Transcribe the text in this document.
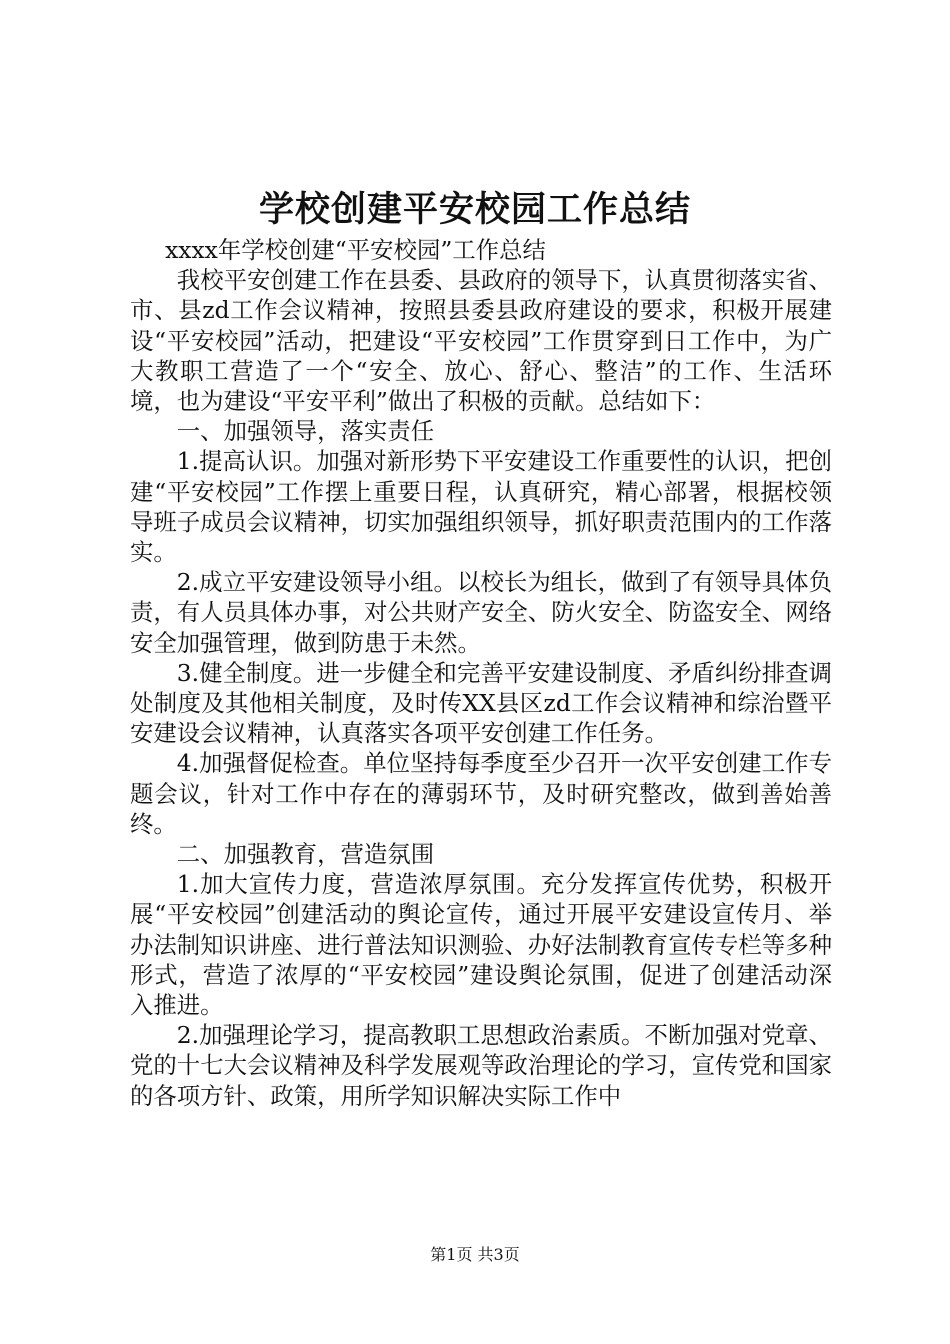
学校创建平安校园工作总结

xxxx年学校创建“平安校园”工作总结

我校平安创建工作在县委、县政府的领导下，认真贯彻落实省、市、县zd工作会议精神，按照县委县政府建设的要求，积极开展建设“平安校园”活动，把建设“平安校园”工作贯穿到日工作中，为广大教职工营造了一个“安全、放心、舒心、整洁”的工作、生活环境，也为建设“平安平利”做出了积极的贡献。总结如下：

一、加强领导，落实责任

1.提高认识。加强对新形势下平安建设工作重要性的认识，把创建“平安校园”工作摆上重要日程，认真研究，精心部署，根据校领导班子成员会议精神，切实加强组织领导，抓好职责范围内的工作落实。

2.成立平安建设领导小组。以校长为组长，做到了有领导具体负责，有人员具体办事，对公共财产安全、防火安全、防盗安全、网络安全加强管理，做到防患于未然。

3.健全制度。进一步健全和完善平安建设制度、矛盾纠纷排查调处制度及其他相关制度，及时传XX县区zd工作会议精神和综治暨平安建设会议精神，认真落实各项平安创建工作任务。

4.加强督促检查。单位坚持每季度至少召开一次平安创建工作专题会议，针对工作中存在的薄弱环节，及时研究整改，做到善始善终。

二、加强教育，营造氛围

1.加大宣传力度，营造浓厚氛围。充分发挥宣传优势，积极开展“平安校园”创建活动的舆论宣传，通过开展平安建设宣传月、举办法制知识讲座、进行普法知识测验、办好法制教育宣传专栏等多种形式，营造了浓厚的“平安校园”建设舆论氛围，促进了创建活动深入推进。

2.加强理论学习，提高教职工思想政治素质。不断加强对党章、党的十七大会议精神及科学发展观等政治理论的学习，宣传党和国家的各项方针、政策，用所学知识解决实际工作中

第1页 共3页
